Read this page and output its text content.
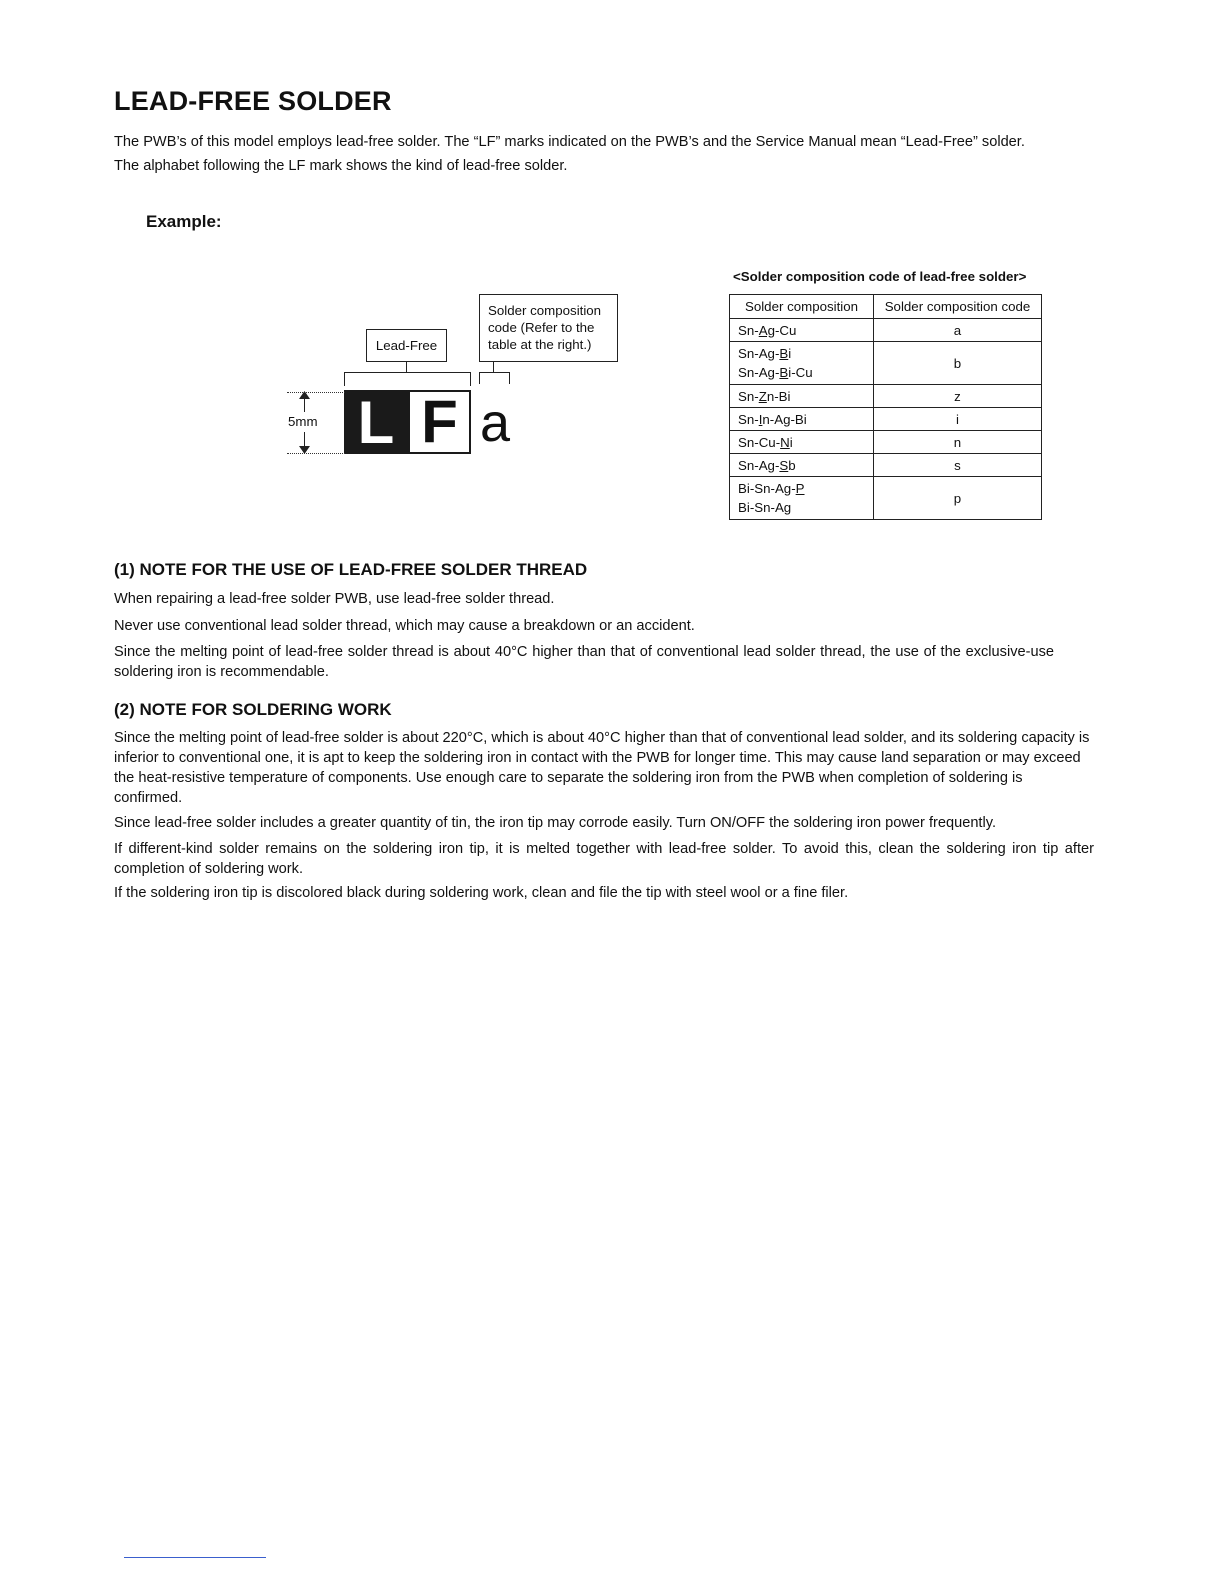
LEAD-FREE SOLDER
The PWB’s of this model employs lead-free solder. The “LF” marks indicated on the PWB’s and the Service Manual mean “Lead-Free” solder.
The alphabet following the LF mark shows the kind of lead-free solder.
Example:
Lead-Free
Solder composition code (Refer to the table at the right.)
L F a
5mm
<Solder composition code of lead-free solder>
Solder composition	Solder composition code
Sn-Ag-Cu	a

Sn-Ag-Bi
Sn-Ag-Bi-Cu	b
Sn-Zn-Bi	z
Sn-In-Ag-Bi	i
Sn-Cu-Ni	n
Sn-Ag-Sb	s

Bi-Sn-Ag-P
Bi-Sn-Ag	p
(1) NOTE FOR THE USE OF LEAD-FREE SOLDER THREAD

When repairing a lead-free solder PWB, use lead-free solder thread.

Never use conventional lead solder thread, which may cause a breakdown or an accident.

Since the melting point of lead-free solder thread is about 40°C higher than that of conventional lead solder thread, the use of the exclusive-use soldering iron is recommendable.

(2) NOTE FOR SOLDERING WORK

Since the melting point of lead-free solder is about 220°C, which is about 40°C higher than that of conventional lead solder, and its soldering capacity is inferior to conventional one, it is apt to keep the soldering iron in contact with the PWB for longer time. This may cause land separation or may exceed the heat-resistive temperature of components. Use enough care to separate the soldering iron from the PWB when completion of soldering is confirmed.

Since lead-free solder includes a greater quantity of tin, the iron tip may corrode easily. Turn ON/OFF the soldering iron power frequently.

If different-kind solder remains on the soldering iron tip, it is melted together with lead-free solder. To avoid this, clean the soldering iron tip after completion of soldering work.

If the soldering iron tip is discolored black during soldering work, clean and file the tip with steel wool or a fine filer.
